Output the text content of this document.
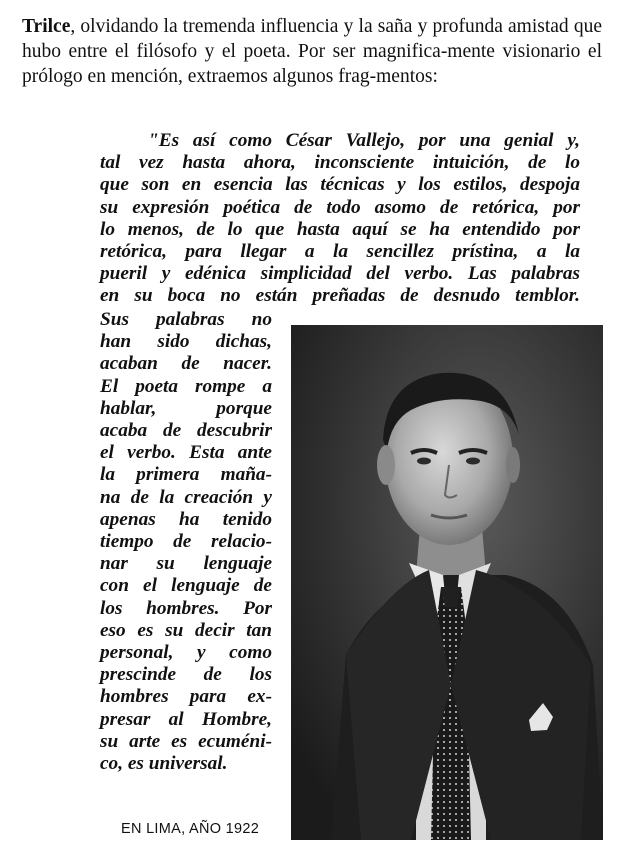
Trilce, olvidando la tremenda influencia y la saña y profunda amistad que hubo entre el filósofo y el poeta. Por ser magnifica-mente visionario el prólogo en mención, extraemos algunos frag-mentos:
"Es así como César Vallejo, por una genial y,
tal vez hasta ahora, inconsciente intuición, de lo
que son en esencia las técnicas y los estilos, despoja
su expresión poética de todo asomo de retórica, por
lo menos, de lo que hasta aquí se ha entendido por
retórica, para llegar a la sencillez prístina, a la
pueril y edénica simplicidad del verbo. Las palabras
en su boca no están preñadas de desnudo temblor.
Sus palabras no
han sido dichas,
acaban de nacer.
El poeta rompe a
hablar, porque
acaba de descubrir
el verbo. Esta ante
la primera maña-
na de la creación y
apenas ha tenido
tiempo de relacio-
nar su lenguaje
con el lenguaje de
los hombres. Por
eso es su decir tan
personal, y como
prescinde de los
hombres para ex-
presar al Hombre,
su arte es ecuméni-
co, es universal.
EN LIMA, AÑO 1922
